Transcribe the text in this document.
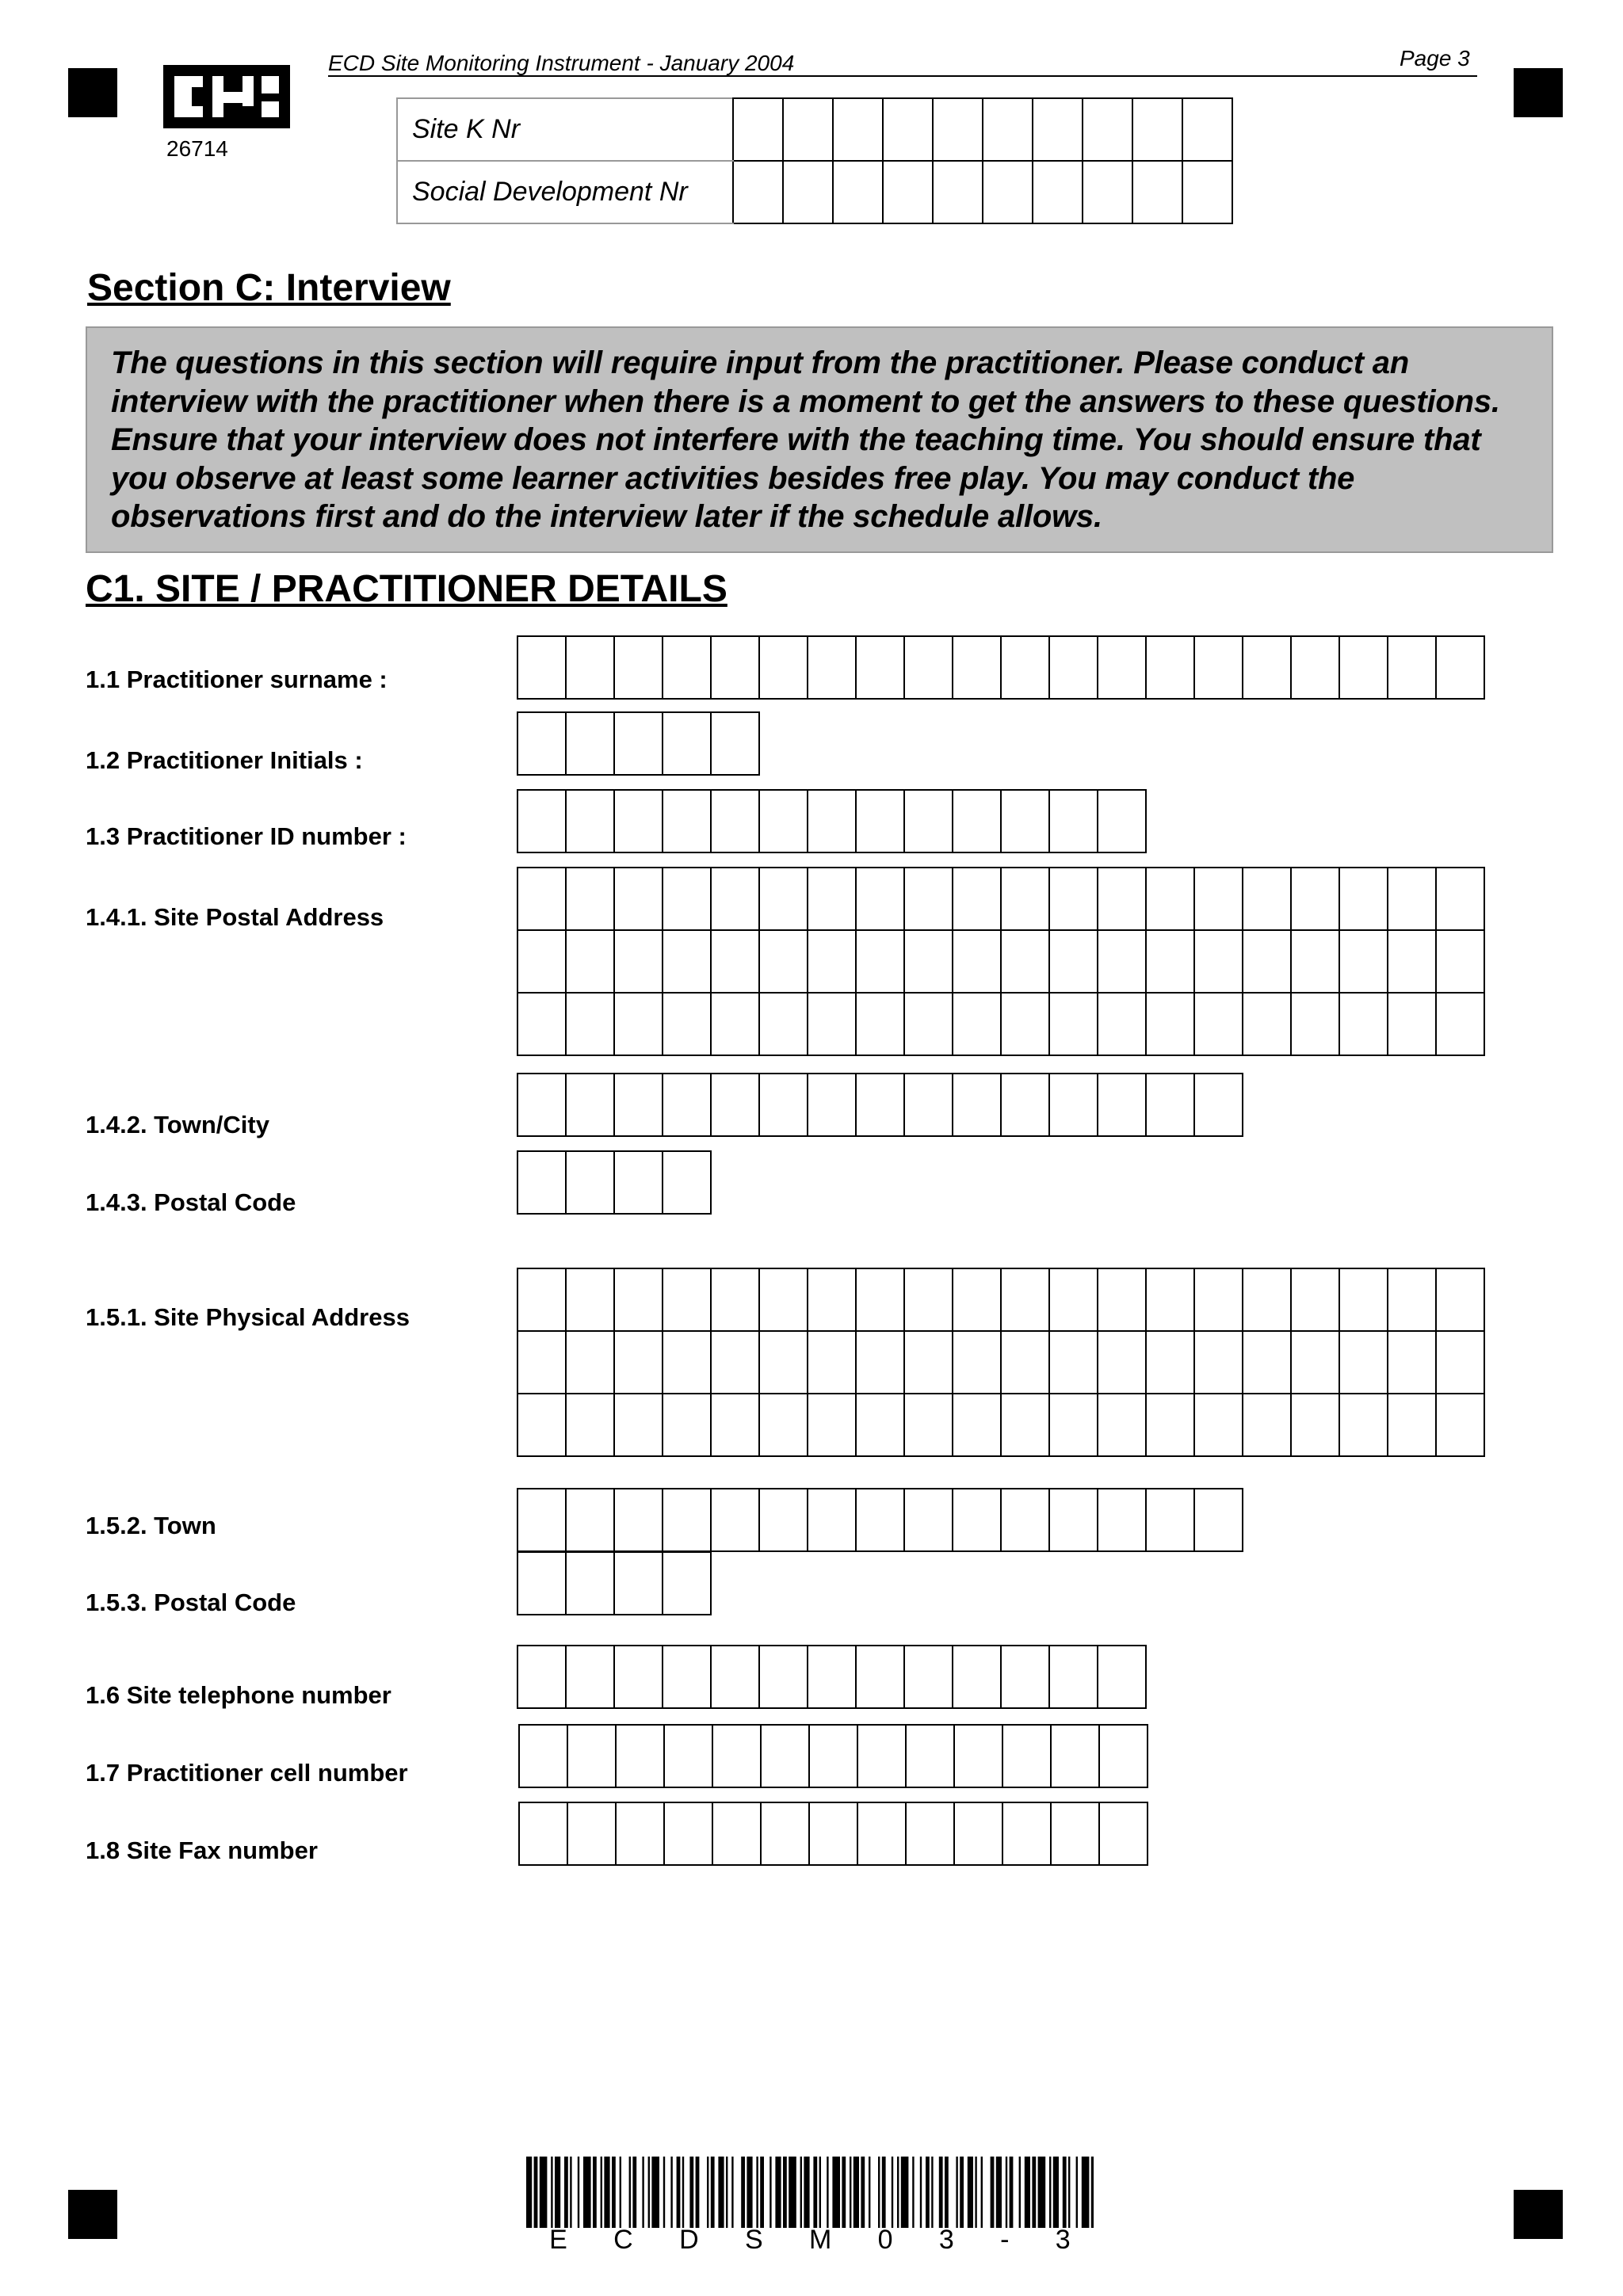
ECD Site Monitoring Instrument - January 2004	Page 3
26714
Site K Nr										
Social Development Nr										
Section C: Interview

The questions in this section will require input from the practitioner. Please conduct an interview with the practitioner when there is a moment to get the answers to these questions. Ensure that your interview does not interfere with the teaching time. You should ensure that you observe at least some learner activities besides free play. You may conduct the observations first and do the interview later if the schedule allows.

C1. SITE / PRACTITIONER DETAILS
1.1 Practitioner surname :
1.2 Practitioner Initials :
1.3 Practitioner ID number :
1.4.1. Site Postal Address
1.4.2. Town/City
1.4.3. Postal Code
1.5.1. Site Physical Address
1.5.2. Town
1.5.3. Postal Code
1.6 Site telephone number
1.7 Practitioner cell number
1.8 Site Fax number

E C D S M 0 3 - 3
